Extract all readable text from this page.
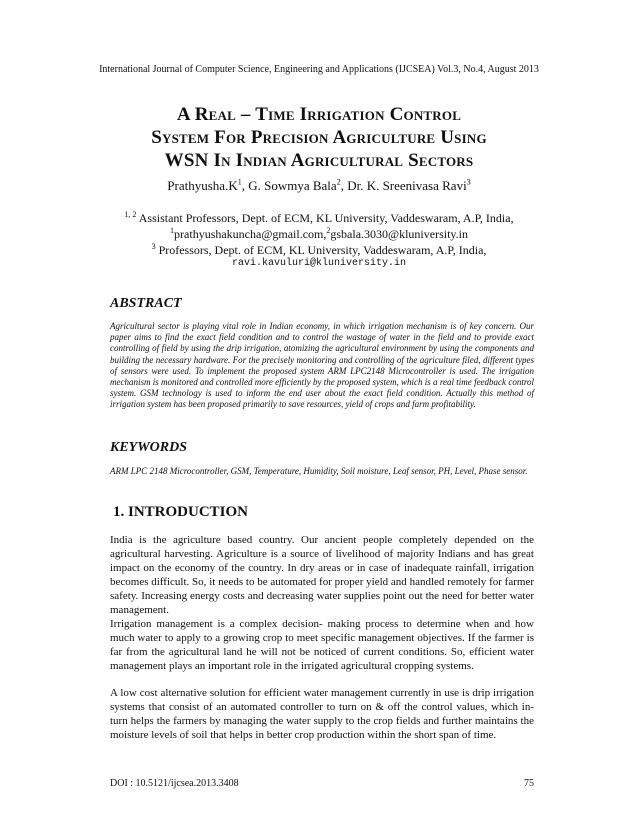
International Journal of Computer Science, Engineering and Applications (IJCSEA) Vol.3, No.4, August 2013
A Real – Time Irrigation Control
System For Precision Agriculture Using
WSN In Indian Agricultural Sectors
$Prathyusha.K^1$, G. Sowmya Bala$^2$, Dr. K. Sreenivasa Ravi$^3$
$^{1, 2}$ Assistant Professors, Dept. of ECM, KL University, Vaddeswaram, A.P, India,
$^1$prathyushakuncha@gmail.com,$^2$gsbala.3030@kluniversity.in
$^3$ Professors, Dept. of ECM, KL University, Vaddeswaram, A.P, India,
ravi.kavuluri@kluniversity.in
ABSTRACT
Agricultural sector is playing vital role in Indian economy, in which irrigation mechanism is of key concern. Our paper aims to find the exact field condition and to control the wastage of water in the field and to provide exact controlling of field by using the drip irrigation, atomizing the agricultural environment by using the components and building the necessary hardware. For the precisely monitoring and controlling of the agriculture filed, different types of sensors were used. To implement the proposed system ARM LPC2148 Microcontroller is used. The irrigation mechanism is monitored and controlled more efficiently by the proposed system, which is a real time feedback control system. GSM technology is used to inform the end user about the exact field condition. Actually this method of irrigation system has been proposed primarily to save resources, yield of crops and farm profitability.
KEYWORDS
ARM LPC 2148 Microcontroller, GSM, Temperature, Humidity, Soil moisture, Leaf sensor, PH, Level, Phase sensor.
1. INTRODUCTION
India is the agriculture based country. Our ancient people completely depended on the agricultural harvesting. Agriculture is a source of livelihood of majority Indians and has great impact on the economy of the country. In dry areas or in case of inadequate rainfall, irrigation becomes difficult. So, it needs to be automated for proper yield and handled remotely for farmer safety. Increasing energy costs and decreasing water supplies point out the need for better water management.
Irrigation management is a complex decision- making process to determine when and how much water to apply to a growing crop to meet specific management objectives. If the farmer is far from the agricultural land he will not be noticed of current conditions. So, efficient water management plays an important role in the irrigated agricultural cropping systems.
A low cost alternative solution for efficient water management currently in use is drip irrigation systems that consist of an automated controller to turn on & off the control values, which in-turn helps the farmers by managing the water supply to the crop fields and further maintains the moisture levels of soil that helps in better crop production within the short span of time.
DOI : 10.5121/ijcsea.2013.3408	75
